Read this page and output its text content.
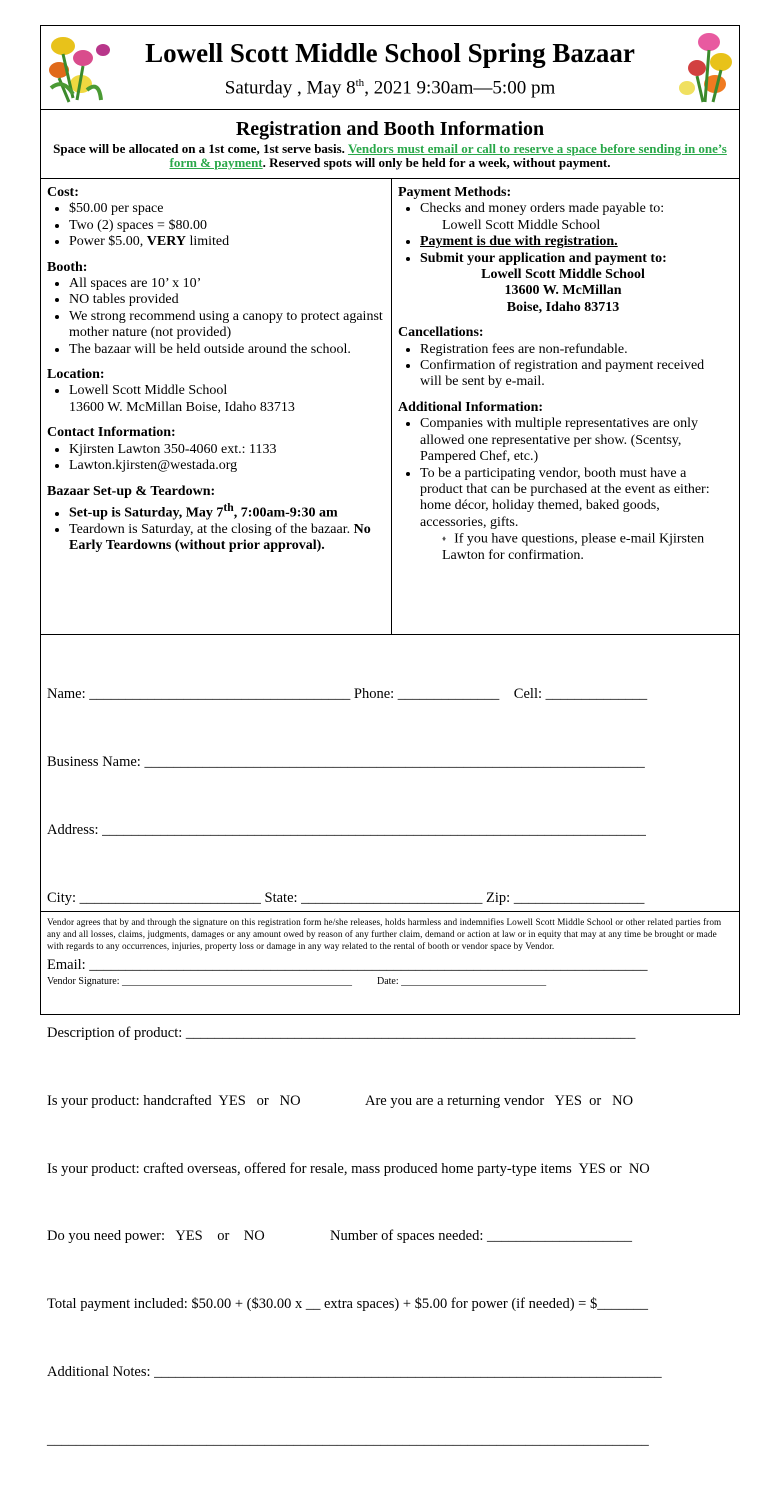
Lowell Scott Middle School Spring Bazaar
Saturday , May 8th, 2021 9:30am—5:00 pm
Registration and Booth Information
Space will be allocated on a 1st come, 1st serve basis. Vendors must email or call to reserve a space before sending in one’s form & payment. Reserved spots will only be held for a week, without payment.
Cost:
• $50.00 per space
• Two (2) spaces = $80.00
• Power $5.00, VERY limited
Booth:
• All spaces are 10’ x 10’
• NO tables provided
• We strong recommend using a canopy to protect against mother nature (not provided)
• The bazaar will be held outside around the school.
Location:
• Lowell Scott Middle School
13600 W. McMillan Boise, Idaho 83713
Contact Information:
• Kjirsten Lawton 350-4060 ext.: 1133
• Lawton.kjirsten@westada.org
Bazaar Set-up & Teardown:
• Set-up is Saturday, May 7th, 7:00am-9:30 am
• Teardown is Saturday, at the closing of the bazaar. No Early Teardowns (without prior approval).
Payment Methods:
• Checks and money orders made payable to:
Lowell Scott Middle School
• Payment is due with registration.
• Submit your application and payment to:
Lowell Scott Middle School
13600 W. McMillan
Boise, Idaho 83713
Cancellations:
• Registration fees are non-refundable.
• Confirmation of registration and payment received will be sent by e-mail.
Additional Information:
• Companies with multiple representatives are only allowed one representative per show. (Scentsy, Pampered Chef, etc.)
• To be a participating vendor, booth must have a product that can be purchased at the event as either: home décor, holiday themed, baked goods, accessories, gifts.
♦ If you have questions, please e-mail Kjirsten Lawton for confirmation.

Name: ____________________________________ Phone: ______________    Cell: ______________

Business Name: _____________________________________________________________________

Address: ___________________________________________________________________________

City: _________________________ State: _________________________ Zip: __________________

Email: _____________________________________________________________________________

Description of product: ______________________________________________________________

Is your product: handcrafted  YES   or   NO                  Are you are a returning vendor   YES  or   NO

Is your product: crafted overseas, offered for resale, mass produced home party-type items  YES or  NO

Do you need power:   YES    or    NO                  Number of spaces needed: ____________________

Total payment included: $50.00 + ($30.00 x __ extra spaces) + $5.00 for power (if needed) = $_______

Additional Notes: ______________________________________________________________________

___________________________________________________________________________________

Vendor agrees that by and through the signature on this registration form he/she releases, holds harmless and indemnifies Lowell Scott Middle School or other related parties from any and all losses, claims, judgments, damages or any amount owed by reason of any further claim, demand or action at law or in equity that may at any time be brought or made with regards to any occurrences, injuries, property loss or damage in any way related to the rental of booth or vendor space by Vendor.
Vendor Signature: ______________________________________________          Date: _____________________________
